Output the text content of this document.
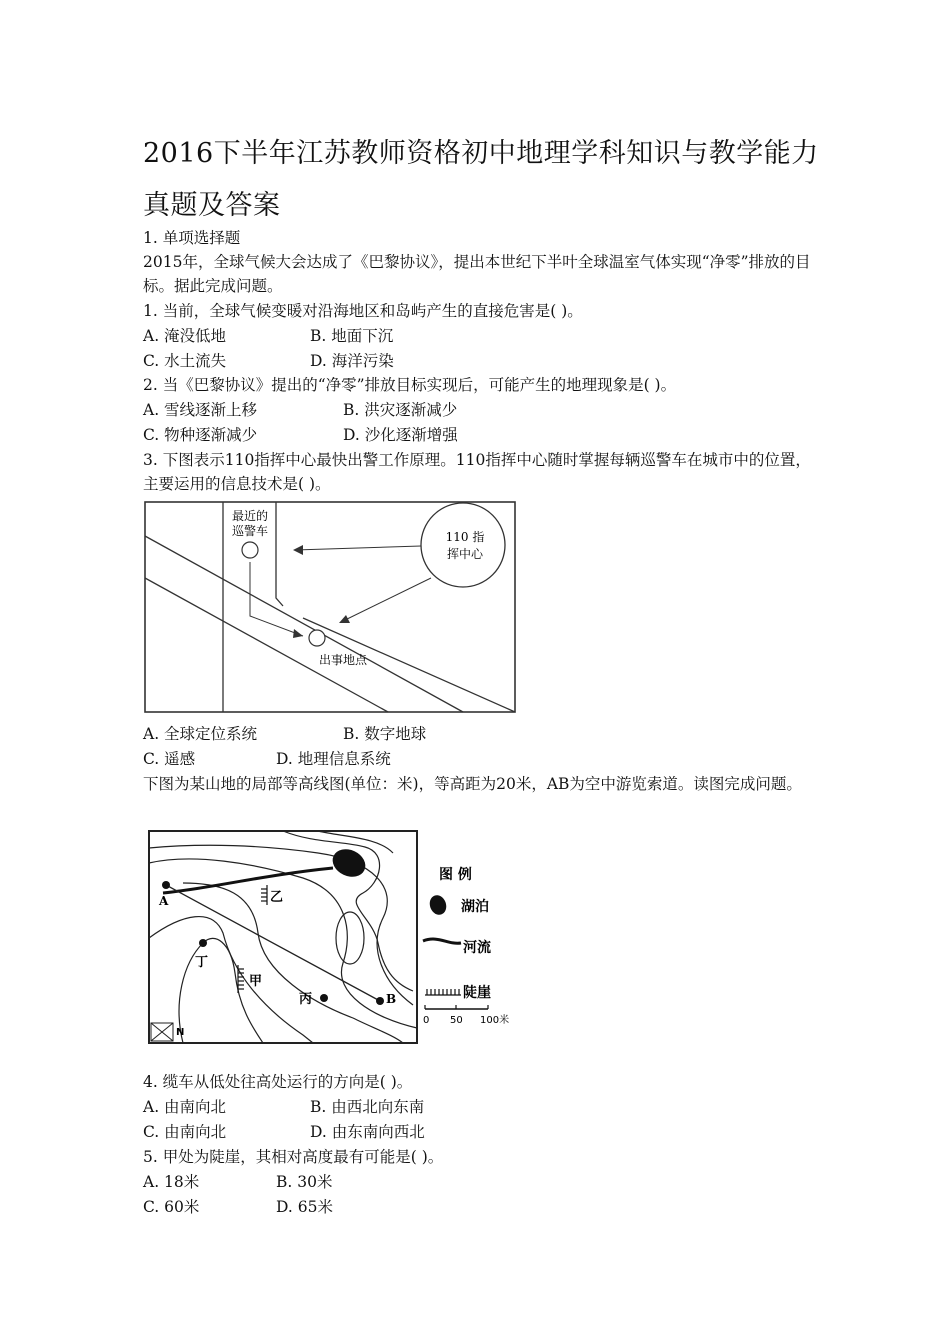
2016下半年江苏教师资格初中地理学科知识与教学能力真题及答案
1. 单项选择题
2015年，全球气候大会达成了《巴黎协议》，提出本世纪下半叶全球温室气体实现“净零”排放的目标。据此完成问题。
1. 当前，全球气候变暖对沿海地区和岛屿产生的直接危害是( )。
A. 淹没低地	B. 地面下沉
C. 水土流失	D. 海洋污染
2. 当《巴黎协议》提出的“净零”排放目标实现后，可能产生的地理现象是( )。
A. 雪线逐渐上移	B. 洪灾逐渐减少
C. 物种逐渐减少	D. 沙化逐渐增强
3. 下图表示110指挥中心最快出警工作原理。110指挥中心随时掌握每辆巡警车在城市中的位置，主要运用的信息技术是( )。
最近的
巡警车	110 指
挥中心
出事地点
A. 全球定位系统	B. 数字地球
C. 遥感	D. 地理信息系统
下图为某山地的局部等高线图(单位：米)，等高距为20米，AB为空中游览索道。读图完成问题。
A
B
乙
甲
丁
丙
N
图 例
湖泊
河流
陡崖
0 50 100米
4. 缆车从低处往高处运行的方向是( )。
A. 由南向北	B. 由西北向东南
C. 由南向北	D. 由东南向西北
5. 甲处为陡崖，其相对高度最有可能是( )。
A. 18米	B. 30米
C. 60米	D. 65米
